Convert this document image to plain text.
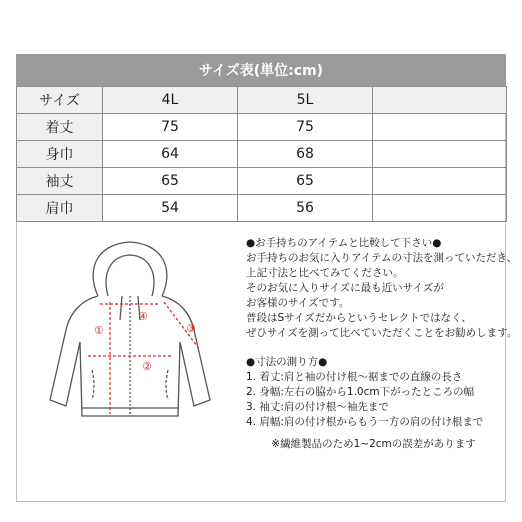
サイズ表(単位:cm)
サイズ	4L	5L	
着丈	75	75	
身巾	64	68	
袖丈	65	65	
肩巾	54	56	
①
②
③
④

●お手持ちのアイテムと比較して下さい●

お手持ちのお気に入りアイテムの寸法を測っていただき、

上記寸法と比べてみてください。

そのお気に入りサイズに最も近いサイズが

お客様のサイズです。

普段はSサイズだからというセレクトではなく、

ぜひサイズを測って比べていただくことをお勧めします。

●寸法の測り方●

1. 着丈:肩と袖の付け根〜裾までの直線の長さ

2. 身幅:左右の脇から1.0cm下がったところの幅

3. 袖丈:肩の付け根〜袖先まで

4. 肩幅:肩の付け根からもう一方の肩の付け根まで

※繊維製品のため1~2cmの誤差があります
